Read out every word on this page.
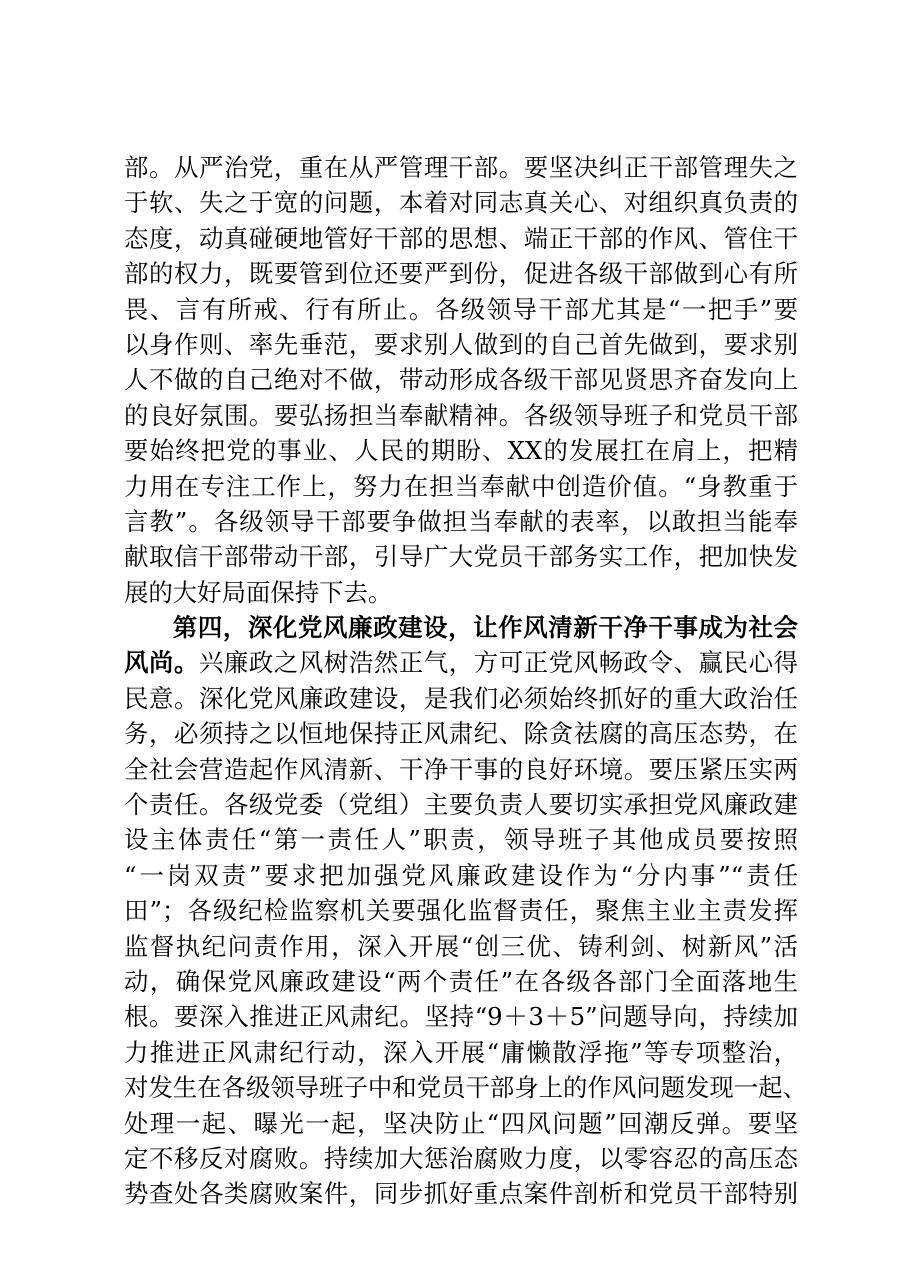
部。从严治党，重在从严管理干部。要坚决纠正干部管理失之
于软、失之于宽的问题，本着对同志真关心、对组织真负责的
态度，动真碰硬地管好干部的思想、端正干部的作风、管住干
部的权力，既要管到位还要严到份，促进各级干部做到心有所
畏、言有所戒、行有所止。各级领导干部尤其是“一把手”要
以身作则、率先垂范，要求别人做到的自己首先做到，要求别
人不做的自己绝对不做，带动形成各级干部见贤思齐奋发向上
的良好氛围。要弘扬担当奉献精神。各级领导班子和党员干部
要始终把党的事业、人民的期盼、XX的发展扛在肩上，把精
力用在专注工作上，努力在担当奉献中创造价值。“身教重于
言教”。各级领导干部要争做担当奉献的表率，以敢担当能奉
献取信干部带动干部，引导广大党员干部务实工作，把加快发
展的大好局面保持下去。
第四，深化党风廉政建设，让作风清新干净干事成为社会
风尚。兴廉政之风树浩然正气，方可正党风畅政令、赢民心得
民意。深化党风廉政建设，是我们必须始终抓好的重大政治任
务，必须持之以恒地保持正风肃纪、除贪祛腐的高压态势，在
全社会营造起作风清新、干净干事的良好环境。要压紧压实两
个责任。各级党委（党组）主要负责人要切实承担党风廉政建
设主体责任“第一责任人”职责，领导班子其他成员要按照
“一岗双责”要求把加强党风廉政建设作为“分内事”“责任
田”；各级纪检监察机关要强化监督责任，聚焦主业主责发挥
监督执纪问责作用，深入开展“创三优、铸利剑、树新风”活
动，确保党风廉政建设“两个责任”在各级各部门全面落地生
根。要深入推进正风肃纪。坚持“9＋3＋5”问题导向，持续加
力推进正风肃纪行动，深入开展“庸懒散浮拖”等专项整治，
对发生在各级领导班子中和党员干部身上的作风问题发现一起、
处理一起、曝光一起，坚决防止“四风问题”回潮反弹。要坚
定不移反对腐败。持续加大惩治腐败力度，以零容忍的高压态
势查处各类腐败案件，同步抓好重点案件剖析和党员干部特别
